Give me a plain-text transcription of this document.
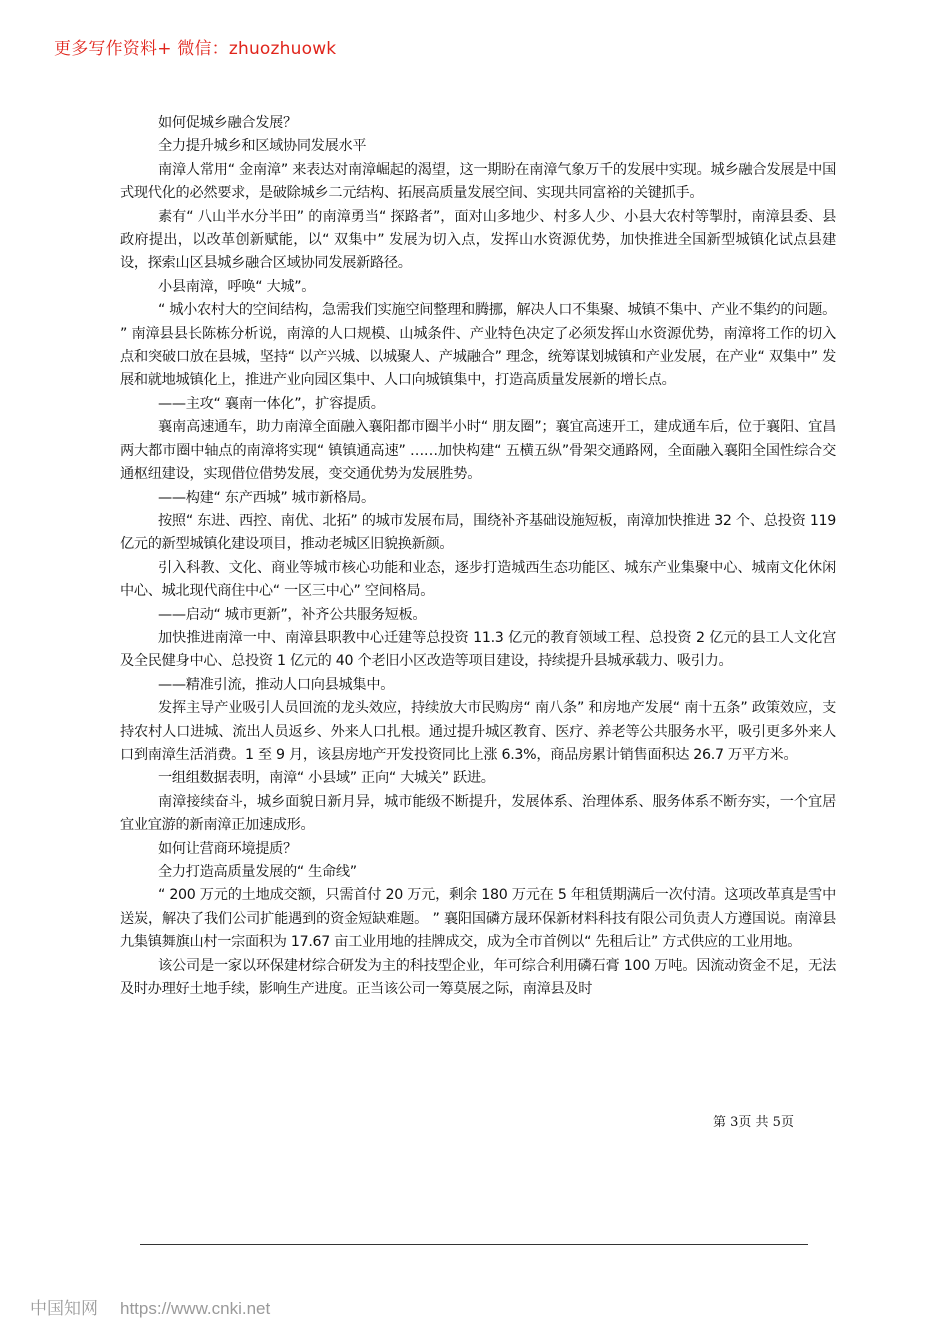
更多写作资料+ 微信：zhuozhuowk

如何促城乡融合发展？

全力提升城乡和区域协同发展水平

南漳人常用“ 金南漳” 来表达对南漳崛起的渴望，这一期盼在南漳气象万千的发展中实现。城乡融合发展是中国式现代化的必然要求，是破除城乡二元结构、拓展高质量发展空间、实现共同富裕的关键抓手。

素有“ 八山半水分半田” 的南漳勇当“ 探路者”，面对山多地少、村多人少、小县大农村等掣肘，南漳县委、县政府提出，以改革创新赋能，以“ 双集中” 发展为切入点，发挥山水资源优势，加快推进全国新型城镇化试点县建设，探索山区县城乡融合区域协同发展新路径。

小县南漳，呼唤“ 大城”。

“ 城小农村大的空间结构，急需我们实施空间整理和腾挪，解决人口不集聚、城镇不集中、产业不集约的问题。 ” 南漳县县长陈栋分析说，南漳的人口规模、山城条件、产业特色决定了必须发挥山水资源优势，南漳将工作的切入点和突破口放在县城，坚持“ 以产兴城、以城聚人、产城融合” 理念，统筹谋划城镇和产业发展，在产业“ 双集中” 发展和就地城镇化上，推进产业向园区集中、人口向城镇集中，打造高质量发展新的增长点。

——主攻“ 襄南一体化”，扩容提质。

襄南高速通车，助力南漳全面融入襄阳都市圈半小时“ 朋友圈”；襄宜高速开工，建成通车后，位于襄阳、宜昌两大都市圈中轴点的南漳将实现“ 镇镇通高速” ……加快构建“ 五横五纵”骨架交通路网，全面融入襄阳全国性综合交通枢纽建设，实现借位借势发展，变交通优势为发展胜势。

——构建“ 东产西城” 城市新格局。

按照“ 东进、西控、南优、北拓” 的城市发展布局，围绕补齐基础设施短板，南漳加快推进 32 个、总投资 119 亿元的新型城镇化建设项目，推动老城区旧貌换新颜。

引入科教、文化、商业等城市核心功能和业态，逐步打造城西生态功能区、城东产业集聚中心、城南文化休闲中心、城北现代商住中心“ 一区三中心” 空间格局。

——启动“ 城市更新”，补齐公共服务短板。

加快推进南漳一中、南漳县职教中心迁建等总投资 11.3 亿元的教育领域工程、总投资 2 亿元的县工人文化宫及全民健身中心、总投资 1 亿元的 40 个老旧小区改造等项目建设，持续提升县城承载力、吸引力。

——精准引流，推动人口向县城集中。

发挥主导产业吸引人员回流的龙头效应，持续放大市民购房“ 南八条” 和房地产发展“ 南十五条” 政策效应，支持农村人口进城、流出人员返乡、外来人口扎根。通过提升城区教育、医疗、养老等公共服务水平，吸引更多外来人口到南漳生活消费。1 至 9 月，该县房地产开发投资同比上涨 6.3%，商品房累计销售面积达 26.7 万平方米。

一组组数据表明，南漳“ 小县域” 正向“ 大城关” 跃进。

南漳接续奋斗，城乡面貌日新月异，城市能级不断提升，发展体系、治理体系、服务体系不断夯实，一个宜居宜业宜游的新南漳正加速成形。

如何让营商环境提质？

全力打造高质量发展的“ 生命线”

“ 200 万元的土地成交额，只需首付 20 万元，剩余 180 万元在 5 年租赁期满后一次付清。这项改革真是雪中送炭，解决了我们公司扩能遇到的资金短缺难题。 ” 襄阳国磷方晟环保新材料科技有限公司负责人方遵国说。南漳县九集镇舞旗山村一宗面积为 17.67 亩工业用地的挂牌成交，成为全市首例以“ 先租后让” 方式供应的工业用地。

该公司是一家以环保建材综合研发为主的科技型企业，年可综合利用磷石膏 100 万吨。因流动资金不足，无法及时办理好土地手续，影响生产进度。正当该公司一筹莫展之际，南漳县及时

第 3页 共 5页
中国知网 https://www.cnki.net
